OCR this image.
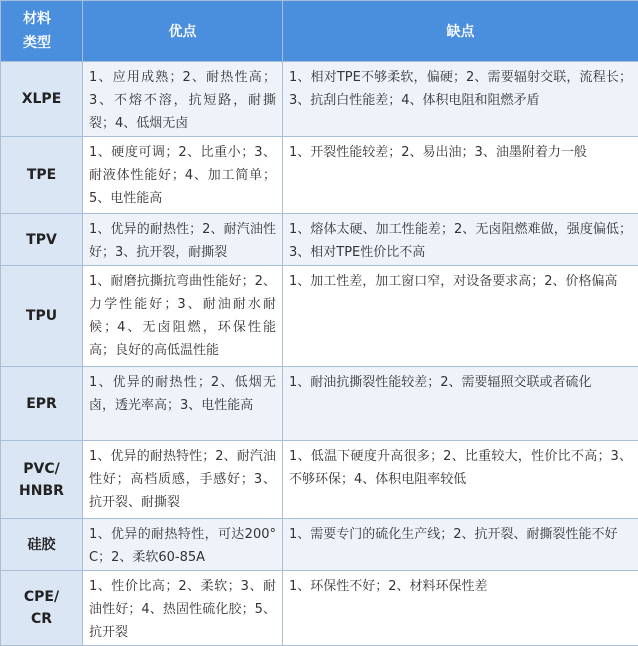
材料
类型	优点	缺点
XLPE	1、应用成熟；2、耐热性高；3、不熔不溶，抗短路，耐撕裂；4、低烟无卤	1、相对TPE不够柔软，偏硬；2、需要辐射交联，流程长；3、抗刮白性能差；4、体积电阻和阻燃矛盾
TPE	1、硬度可调；2、比重小；3、耐液体性能好；4、加工简单；5、电性能高	1、开裂性能较差；2、易出油；3、油墨附着力一般
TPV	1、优异的耐热性；2、耐汽油性好；3、抗开裂，耐撕裂	1、熔体太硬、加工性能差；2、无卤阻燃难做，强度偏低；3、相对TPE性价比不高
TPU	1、耐磨抗撕抗弯曲性能好；2、力学性能好；3、耐油耐水耐候；4、无卤阻燃，环保性能高；良好的高低温性能	1、加工性差，加工窗口窄，对设备要求高；2、价格偏高
EPR	1、优异的耐热性；2、低烟无卤，透光率高；3、电性能高	1、耐油抗撕裂性能较差；2、需要辐照交联或者硫化
PVC/
HNBR	1、优异的耐热特性；2、耐汽油性好；高档质感，手感好；3、抗开裂、耐撕裂	1、低温下硬度升高很多；2、比重较大，性价比不高；3、不够环保；4、体积电阻率较低
硅胶	1、优异的耐热特性，可达200°C；2、柔软60-85A	1、需要专门的硫化生产线；2、抗开裂、耐撕裂性能不好
CPE/
CR	1、性价比高；2、柔软；3、耐油性好；4、热固性硫化胶；5、抗开裂	1、环保性不好；2、材料环保性差
